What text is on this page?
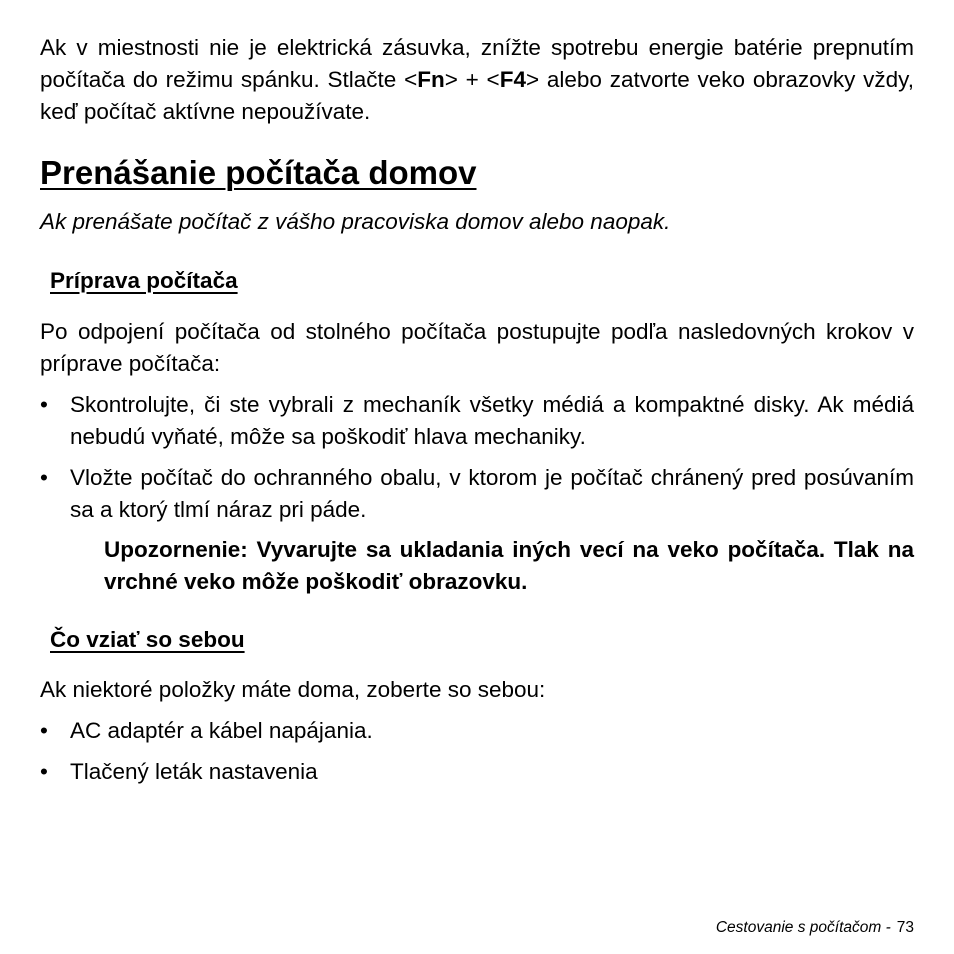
Ak v miestnosti nie je elektrická zásuvka, znížte spotrebu energie batérie prepnutím počítača do režimu spánku. Stlačte <Fn> + <F4> alebo zatvorte veko obrazovky vždy, keď počítač aktívne nepoužívate.

Prenášanie počítača domov

Ak prenášate počítač z vášho pracoviska domov alebo naopak.

Príprava počítača

Po odpojení počítača od stolného počítača postupujte podľa nasledovných krokov v príprave počítača:

• Skontrolujte, či ste vybrali z mechaník všetky médiá a kompaktné disky. Ak médiá nebudú vyňaté, môže sa poškodiť hlava mechaniky.

• Vložte počítač do ochranného obalu, v ktorom je počítač chránený pred posúvaním sa a ktorý tlmí náraz pri páde.

Upozornenie: Vyvarujte sa ukladania iných vecí na veko počítača. Tlak na vrchné veko môže poškodiť obrazovku.

Čo vziať so sebou

Ak niektoré položky máte doma, zoberte so sebou:

• AC adaptér a kábel napájania.

• Tlačený leták nastavenia

Cestovanie s počítačom - 73
